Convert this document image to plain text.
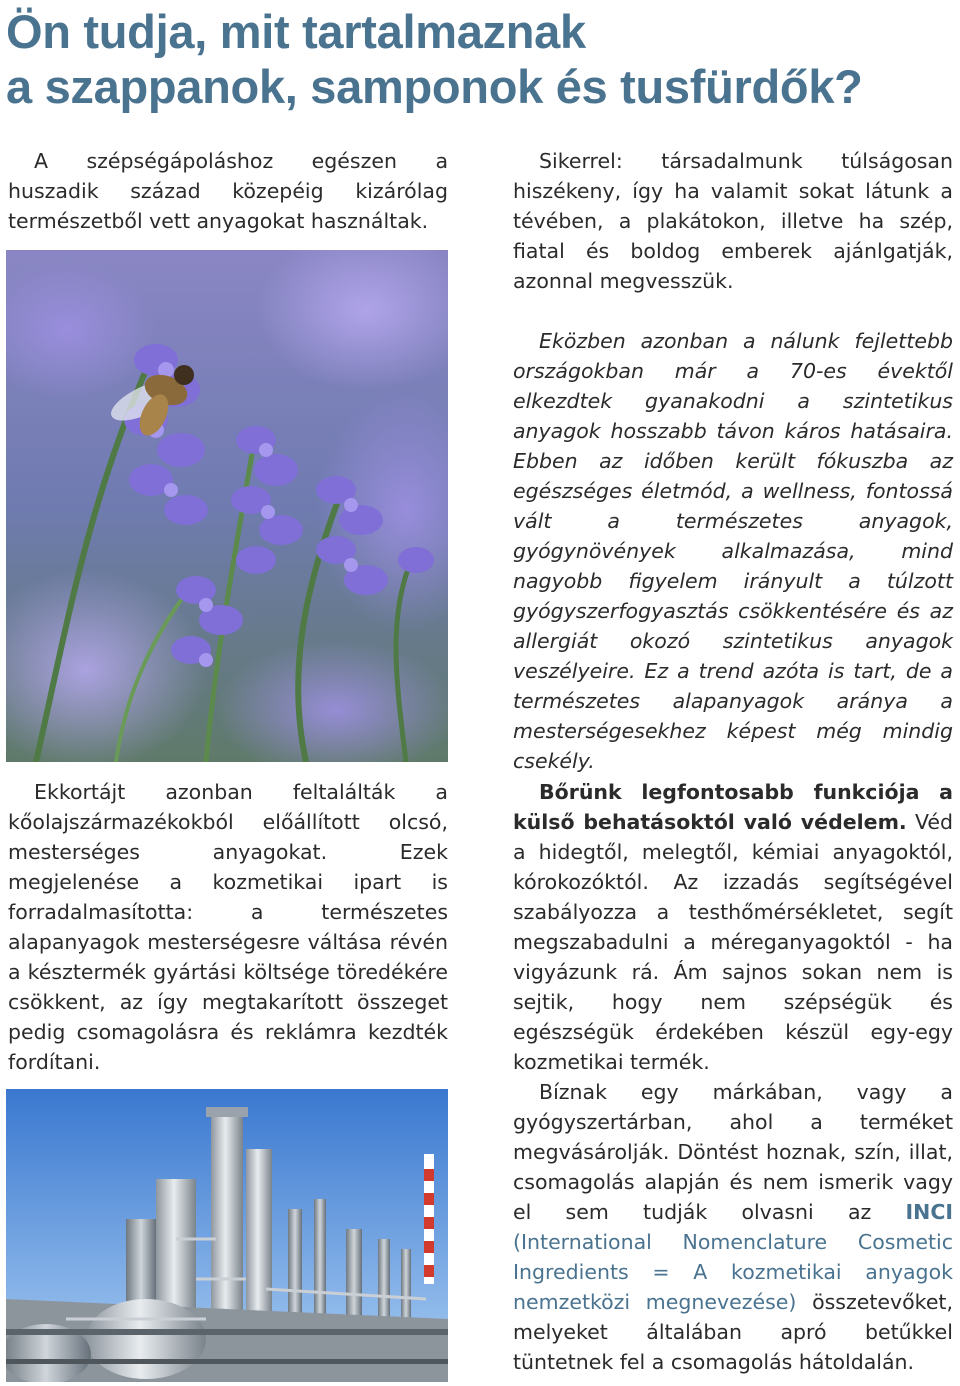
Ön tudja, mit tartalmaznak
a szappanok, samponok és tusfürdők?

A szépségápoláshoz egészen a huszadik század közepéig kizárólag természetből vett anyagokat használtak.

Ekkortájt azonban feltalálták a kőolajszármazékokból előállított olcsó, mesterséges anyagokat. Ezek megjelenése a kozmetikai ipart is forradalmasította: a természetes alapanyagok mesterségesre váltása révén a késztermék gyártási költsége töredékére csökkent, az így megtakarított összeget pedig csomagolásra és reklámra kezdték fordítani.

Sikerrel: társadalmunk túlságosan hiszékeny, így ha valamit sokat látunk a tévében, a plakátokon, illetve ha szép, fiatal és boldog emberek ajánlgatják, azonnal megvesszük.

Eközben azonban a nálunk fejlettebb országokban már a 70-es évektől elkezdtek gyanakodni a szintetikus anyagok hosszabb távon káros hatásaira. Ebben az időben került fókuszba az egészséges életmód, a wellness, fontossá vált a természetes anyagok, gyógynövények alkalmazása, mind nagyobb figyelem irányult a túlzott gyógyszerfogyasztás csökkentésére és az allergiát okozó szintetikus anyagok veszélyeire. Ez a trend azóta is tart, de a természetes alapanyagok aránya a mesterségesekhez képest még mindig csekély.

Bőrünk legfontosabb funkciója a külső behatásoktól való védelem. Véd a hidegtől, melegtől, kémiai anyagoktól, kórokozóktól. Az izzadás segítségével szabályozza a testhőmérsékletet, segít megszabadulni a méreganyagoktól - ha vigyázunk rá. Ám sajnos sokan nem is sejtik, hogy nem szépségük és egészségük érdekében készül egy-egy kozmetikai termék.

Bíznak egy márkában, vagy a gyógyszertárban, ahol a terméket megvásárolják. Döntést hoznak, szín, illat, csomagolás alapján és nem ismerik vagy el sem tudják olvasni az INCI (International Nomenclature Cosmetic Ingredients = A kozmetikai anyagok nemzetközi megnevezése) összetevőket, melyeket általában apró betűkkel tüntetnek fel a csomagolás hátoldalán.
